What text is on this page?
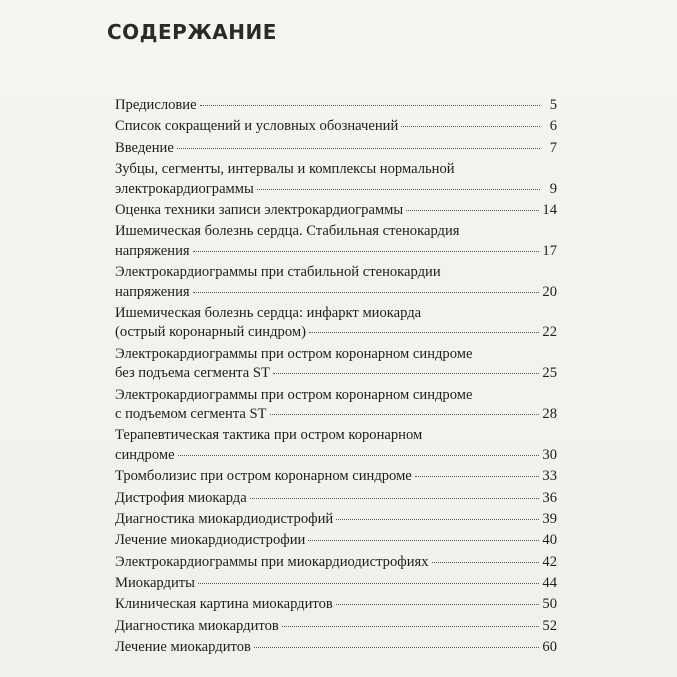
СОДЕРЖАНИЕ
Предисловие	5
Список сокращений и условных обозначений	6
Введение	7
Зубцы, сегменты, интервалы и комплексы нормальной
электрокардиограммы	9
Оценка техники записи электрокардиограммы	14
Ишемическая болезнь сердца. Стабильная стенокардия
напряжения	17
Электрокардиограммы при стабильной стенокардии
напряжения	20
Ишемическая болезнь сердца: инфаркт миокарда
(острый коронарный синдром)	22
Электрокардиограммы при остром коронарном синдроме
без подъема сегмента ST	25
Электрокардиограммы при остром коронарном синдроме
с подъемом сегмента ST	28
Терапевтическая тактика при остром коронарном
синдроме	30
Тромболизис при остром коронарном синдроме	33
Дистрофия миокарда	36
Диагностика миокардиодистрофий	39
Лечение миокардиодистрофии	40
Электрокардиограммы при миокардиодистрофиях	42
Миокардиты	44
Клиническая картина миокардитов	50
Диагностика миокардитов	52
Лечение миокардитов	60
